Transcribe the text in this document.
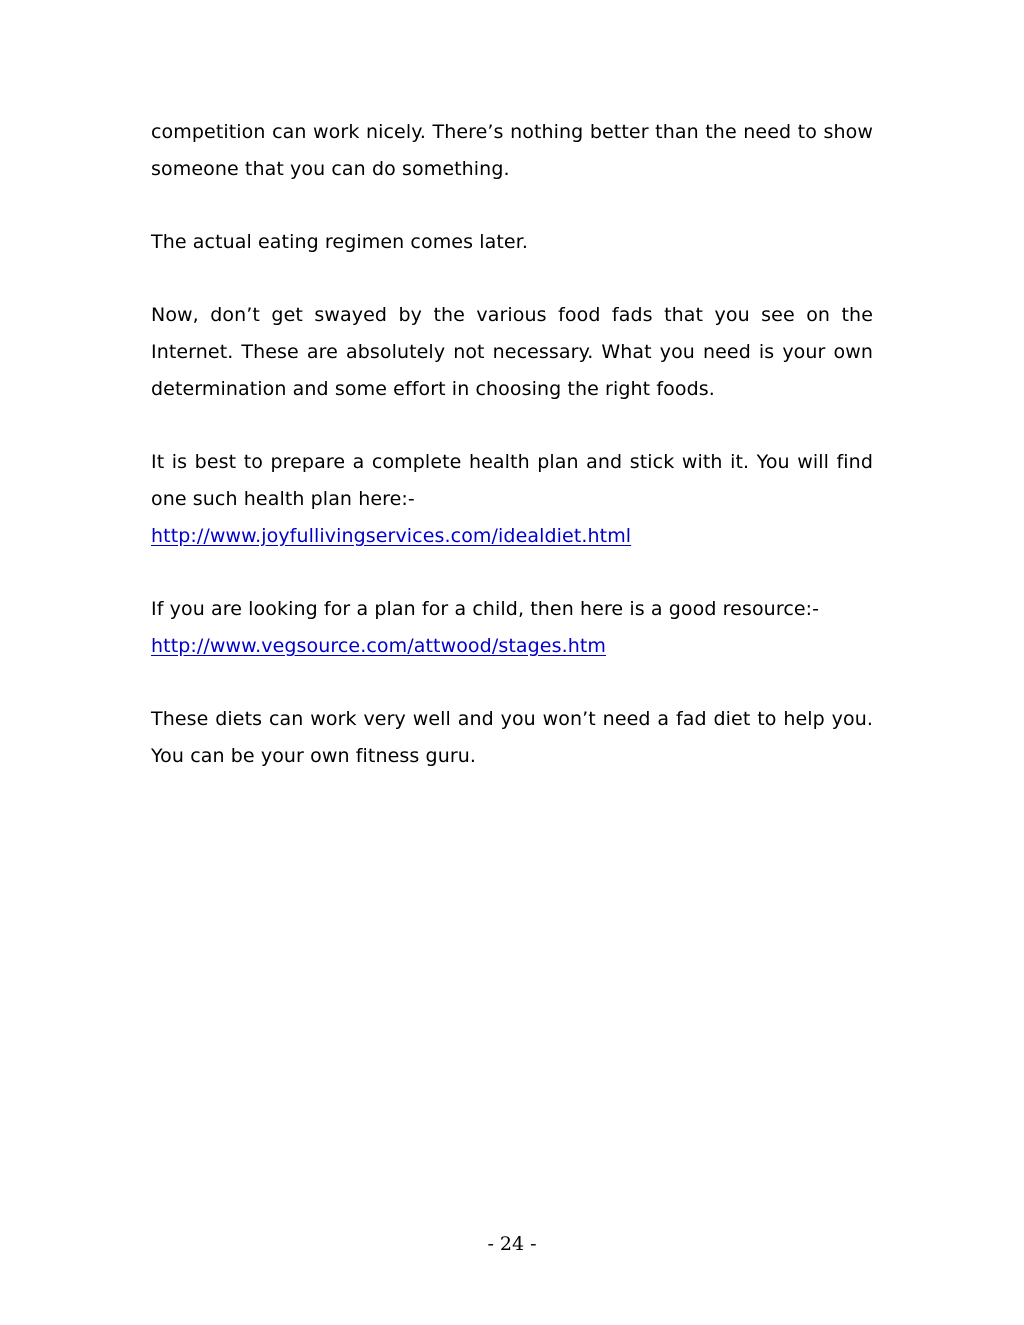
competition can work nicely. There’s nothing better than the need to show someone that you can do something.

The actual eating regimen comes later.

Now, don’t get swayed by the various food fads that you see on the Internet. These are absolutely not necessary. What you need is your own determination and some effort in choosing the right foods.

It is best to prepare a complete health plan and stick with it. You will find one such health plan here:-
http://www.joyfullivingservices.com/idealdiet.html

If you are looking for a plan for a child, then here is a good resource:-
http://www.vegsource.com/attwood/stages.htm

These diets can work very well and you won’t need a fad diet to help you. You can be your own fitness guru.

- 24 -
